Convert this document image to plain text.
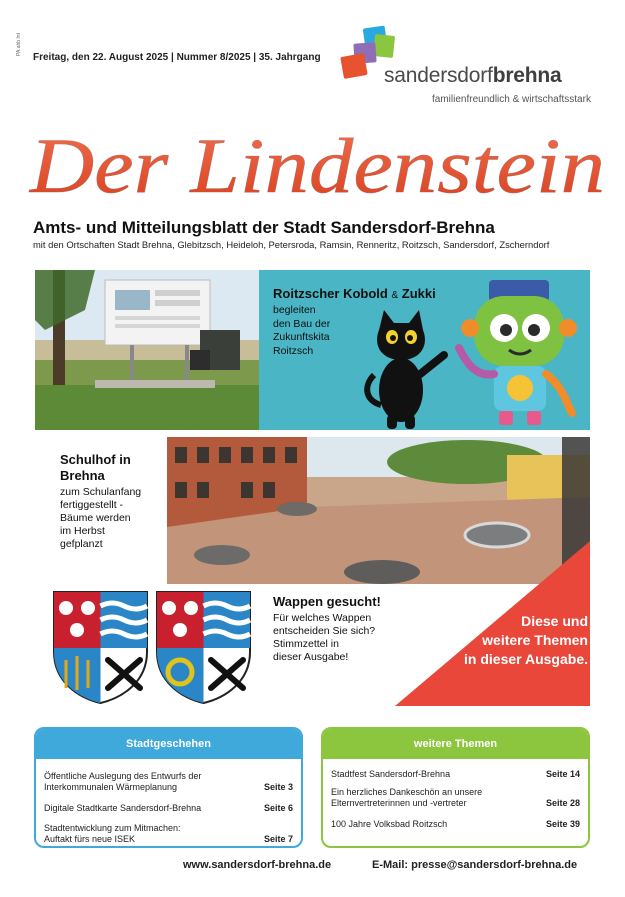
PA.ahb Int
Freitag, den 22. August 2025 | Nummer 8/2025 | 35. Jahrgang
sandersdorfbrehna
familienfreundlich & wirtschaftsstark
Der Lindenstein
Amts- und Mitteilungsblatt der Stadt Sandersdorf-Brehna
mit den Ortschaften Stadt Brehna, Glebitzsch, Heideloh, Petersroda, Ramsin, Renneritz, Roitzsch, Sandersdorf, Zscherndorf
Roitzscher Kobold & Zukki
begleiten
den Bau der
Zukunftskita
Roitzsch
Schulhof in
Brehna
zum Schulanfang
fertiggestellt -
Bäume werden
im Herbst
gefplanzt
Wappen gesucht!
Für welches Wappen
entscheiden Sie sich?
Stimmzettel in
dieser Ausgabe!
Diese und
weitere Themen
in dieser Ausgabe.
Stadtgeschehen
Öffentliche Auslegung des Entwurfs der
Interkommunalen Wärmeplanung	Seite 3
Digitale Stadtkarte Sandersdorf-Brehna	Seite 6
Stadtentwicklung zum Mitmachen:
Auftakt fürs neue ISEK	Seite 7
weitere Themen
Stadtfest Sandersdorf-Brehna	Seite 14
Ein herzliches Dankeschön an unsere
Elternvertreterinnen und -vertreter	Seite 28
100 Jahre Volksbad Roitzsch	Seite 39
www.sandersdorf-brehna.de	E-Mail: presse@sandersdorf-brehna.de
